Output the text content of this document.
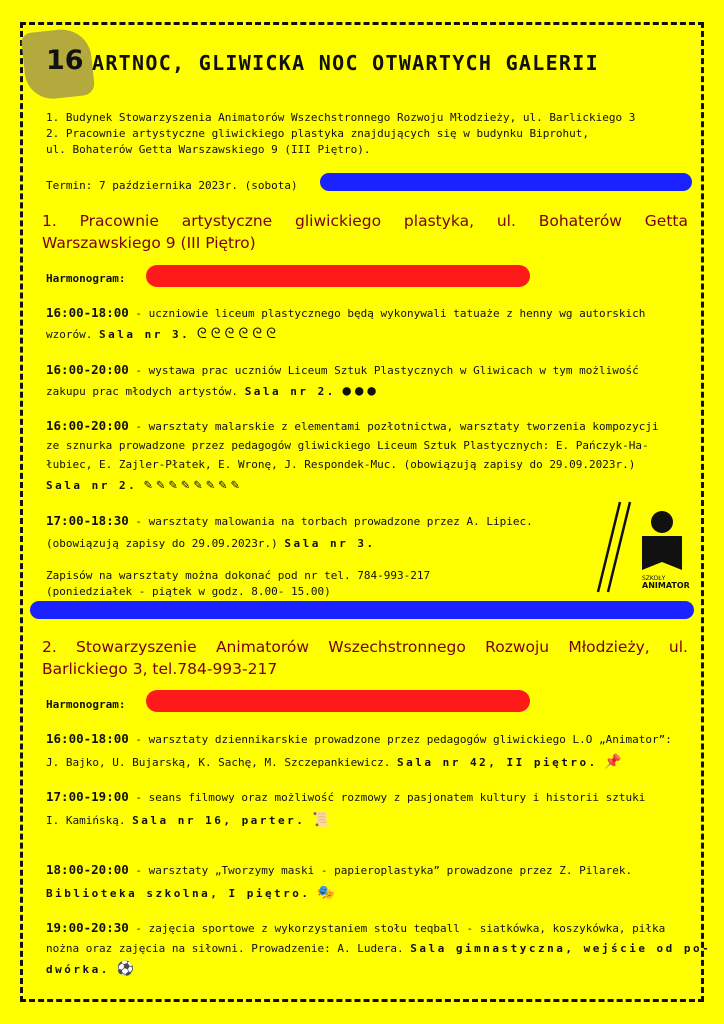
16 ARTNOC, GLIWICKA NOC OTWARTYCH GALERII
1. Budynek Stowarzyszenia Animatorów Wszechstronnego Rozwoju Młodzieży, ul. Barlickiego 3
2. Pracownie artystyczne gliwickiego plastyka znajdujących się w budynku Biprohut,
ul. Bohaterów Getta Warszawskiego 9 (III Piętro).
Termin: 7 października 2023r. (sobota)
1. Pracownie artystyczne gliwickiego plastyka, ul. Bohaterów Getta
Warszawskiego 9 (III Piętro)
Harmonogram:
16:00-18:00 - uczniowie liceum plastycznego będą wykonywali tatuaże z henny wg autorskich
wzorów. Sala nr 3. ᘓᘓᘓᘓᘓᘓ
16:00-20:00 - wystawa prac uczniów Liceum Sztuk Plastycznych w Gliwicach w tym możliwość
zakupu prac młodych artystów. Sala nr 2. ●●●
16:00-20:00 - warsztaty malarskie z elementami pozłotnictwa, warsztaty tworzenia kompozycji
ze sznurka prowadzone przez pedagogów gliwickiego Liceum Sztuk Plastycznych: E. Pańczyk-Ha-
łubiec, E. Zajler-Płatek, E. Wronę, J. Respondek-Muc. (obowiązują zapisy do 29.09.2023r.)
Sala nr 2. ✎✎✎✎✎✎✎✎
17:00-18:30 - warsztaty malowania na torbach prowadzone przez A. Lipiec.
(obowiązują zapisy do 29.09.2023r.) Sala nr 3.
Zapisów na warsztaty można dokonać pod nr tel. 784-993-217
(poniedziałek - piątek w godz. 8.00- 15.00)
SZKOŁY
ANIMATOR
2. Stowarzyszenie Animatorów Wszechstronnego Rozwoju Młodzieży, ul.
Barlickiego 3, tel.784-993-217
Harmonogram:
16:00-18:00 - warsztaty dziennikarskie prowadzone przez pedagogów gliwickiego L.O „Animator”:
J. Bajko, U. Bujarską, K. Sachę, M. Szczepankiewicz. Sala nr 42, II piętro. 📌
17:00-19:00 - seans filmowy oraz możliwość rozmowy z pasjonatem kultury i historii sztuki
I. Kamińską. Sala nr 16, parter. 📜
18:00-20:00 - warsztaty „Tworzymy maski - papieroplastyka” prowadzone przez Z. Pilarek.
Biblioteka szkolna, I piętro. 🎭
19:00-20:30 - zajęcia sportowe z wykorzystaniem stołu teqball - siatkówka, koszykówka, piłka
nożna oraz zajęcia na siłowni. Prowadzenie: A. Ludera. Sala gimnastyczna, wejście od po-
dwórka. ⚽
